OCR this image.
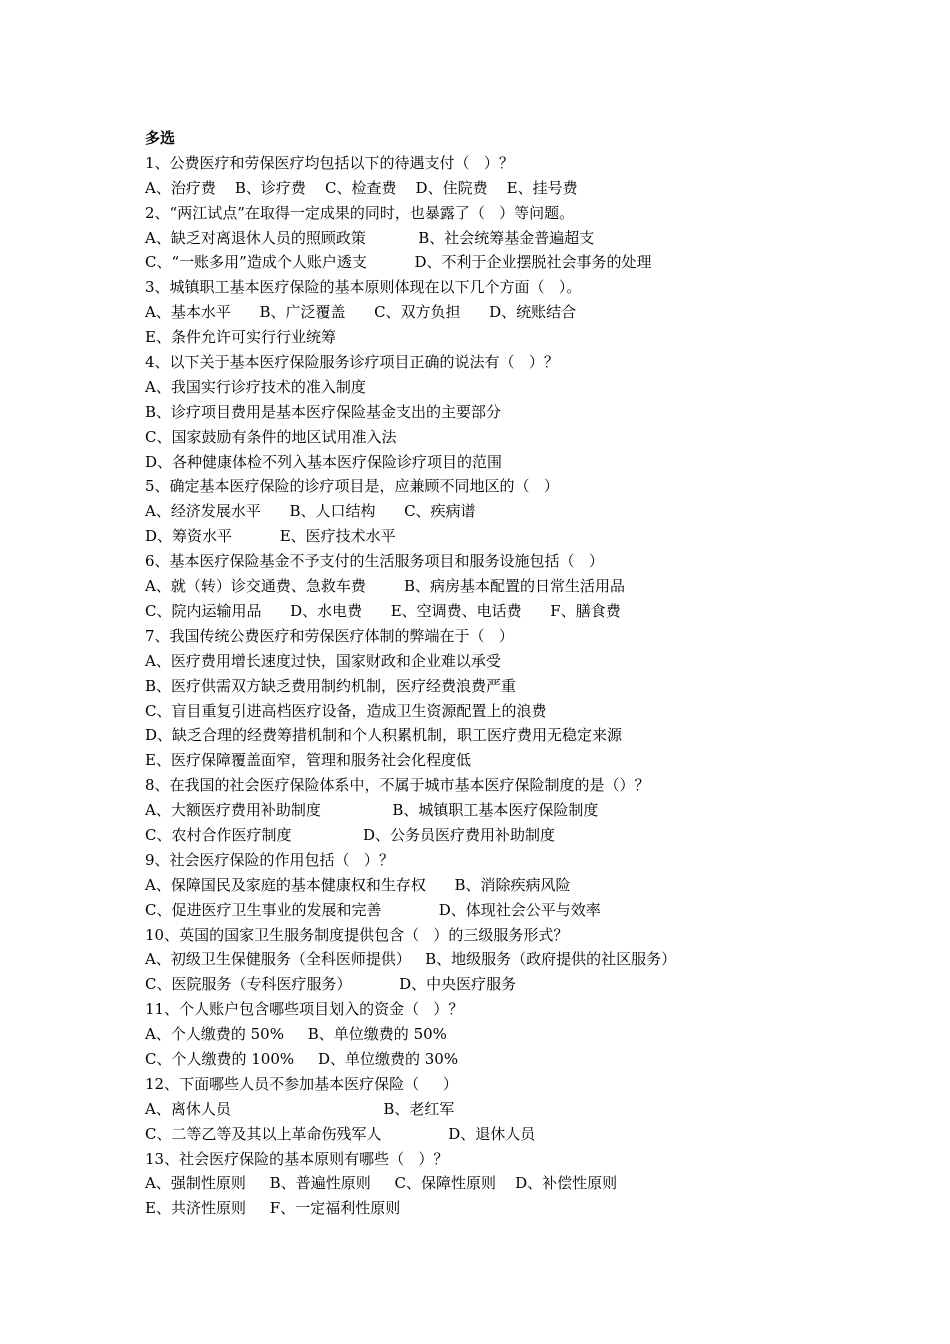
多选
1、公费医疗和劳保医疗均包括以下的待遇支付（   ）？
A、治疗费    B、诊疗费    C、检查费    D、住院费    E、挂号费
2、“两江试点”在取得一定成果的同时，也暴露了（   ）等问题。
A、缺乏对离退休人员的照顾政策           B、社会统筹基金普遍超支
C、“一账多用”造成个人账户透支          D、不利于企业摆脱社会事务的处理
3、城镇职工基本医疗保险的基本原则体现在以下几个方面（   ）。
A、基本水平      B、广泛覆盖      C、双方负担      D、统账结合
E、条件允许可实行行业统筹
4、以下关于基本医疗保险服务诊疗项目正确的说法有（   ）？
A、我国实行诊疗技术的准入制度
B、诊疗项目费用是基本医疗保险基金支出的主要部分
C、国家鼓励有条件的地区试用准入法
D、各种健康体检不列入基本医疗保险诊疗项目的范围
5、确定基本医疗保险的诊疗项目是，应兼顾不同地区的（   ）
A、经济发展水平      B、人口结构      C、疾病谱
D、筹资水平          E、医疗技术水平
6、基本医疗保险基金不予支付的生活服务项目和服务设施包括（   ）
A、就（转）诊交通费、急救车费        B、病房基本配置的日常生活用品
C、院内运输用品      D、水电费      E、空调费、电话费      F、膳食费
7、我国传统公费医疗和劳保医疗体制的弊端在于（   ）
A、医疗费用增长速度过快，国家财政和企业难以承受
B、医疗供需双方缺乏费用制约机制，医疗经费浪费严重
C、盲目重复引进高档医疗设备，造成卫生资源配置上的浪费
D、缺乏合理的经费筹措机制和个人积累机制，职工医疗费用无稳定来源
E、医疗保障覆盖面窄，管理和服务社会化程度低
8、在我国的社会医疗保险体系中，不属于城市基本医疗保险制度的是（）？
A、大额医疗费用补助制度               B、城镇职工基本医疗保险制度
C、农村合作医疗制度               D、公务员医疗费用补助制度
9、社会医疗保险的作用包括（   ）？
A、保障国民及家庭的基本健康权和生存权      B、消除疾病风险
C、促进医疗卫生事业的发展和完善            D、体现社会公平与效率
10、英国的国家卫生服务制度提供包含（   ）的三级服务形式？
A、初级卫生保健服务（全科医师提供）   B、地级服务（政府提供的社区服务）
C、医院服务（专科医疗服务）          D、中央医疗服务
11、个人账户包含哪些项目划入的资金（   ）？
A、个人缴费的 50%     B、单位缴费的 50%
C、个人缴费的 100%     D、单位缴费的 30%
12、下面哪些人员不参加基本医疗保险（     ）
A、离休人员                                B、老红军
C、二等乙等及其以上革命伤残军人              D、退休人员
13、社会医疗保险的基本原则有哪些（   ）？
A、强制性原则     B、普遍性原则     C、保障性原则    D、补偿性原则
E、共济性原则     F、一定福利性原则
